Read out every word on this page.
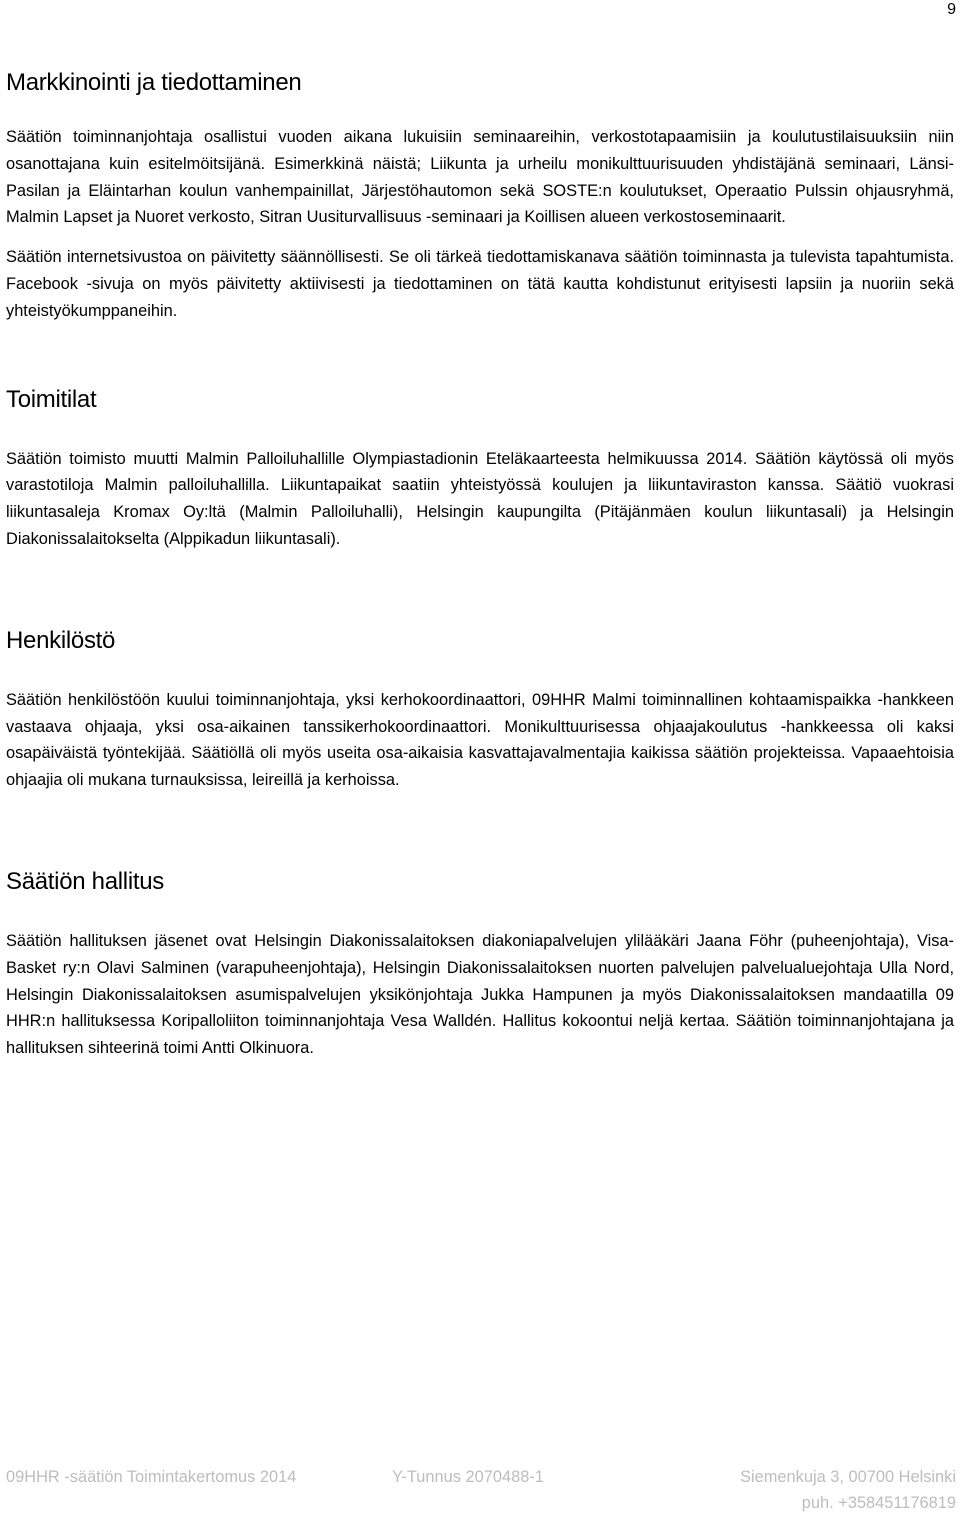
9
Markkinointi ja tiedottaminen

Säätiön toiminnanjohtaja osallistui vuoden aikana lukuisiin seminaareihin, verkostotapaamisiin ja koulutustilaisuuksiin niin osanottajana kuin esitelmöitsijänä. Esimerkkinä näistä; Liikunta ja urheilu monikulttuurisuuden yhdistäjänä seminaari, Länsi-Pasilan ja Eläintarhan koulun vanhempainillat, Järjestöhautomon sekä SOSTE:n koulutukset, Operaatio Pulssin ohjausryhmä, Malmin Lapset ja Nuoret verkosto, Sitran Uusiturvallisuus -seminaari ja Koillisen alueen verkostoseminaarit.

Säätiön internetsivustoa on päivitetty säännöllisesti. Se oli tärkeä tiedottamiskanava säätiön toiminnasta ja tulevista tapahtumista. Facebook -sivuja on myös päivitetty aktiivisesti ja tiedottaminen on tätä kautta kohdistunut erityisesti lapsiin ja nuoriin sekä yhteistyökumppaneihin.

Toimitilat

Säätiön toimisto muutti Malmin Palloiluhallille Olympiastadionin Eteläkaarteesta helmikuussa 2014. Säätiön käytössä oli myös varastotiloja Malmin palloiluhallilla. Liikuntapaikat saatiin yhteistyössä koulujen ja liikuntaviraston kanssa. Säätiö vuokrasi liikuntasaleja Kromax Oy:ltä (Malmin Palloiluhalli), Helsingin kaupungilta (Pitäjänmäen koulun liikuntasali) ja Helsingin Diakonissalaitokselta (Alppikadun liikuntasali).

Henkilöstö

Säätiön henkilöstöön kuului toiminnanjohtaja, yksi kerhokoordinaattori, 09HHR Malmi toiminnallinen kohtaamispaikka -hankkeen vastaava ohjaaja, yksi osa-aikainen tanssikerhokoordinaattori. Monikulttuurisessa ohjaajakoulutus -hankkeessa oli kaksi osapäiväistä työntekijää. Säätiöllä oli myös useita osa-aikaisia kasvattajavalmentajia kaikissa säätiön projekteissa. Vapaaehtoisia ohjaajia oli mukana turnauksissa, leireillä ja kerhoissa.

Säätiön hallitus

Säätiön hallituksen jäsenet ovat Helsingin Diakonissalaitoksen diakoniapalvelujen ylilääkäri Jaana Föhr (puheenjohtaja), Visa-Basket ry:n Olavi Salminen (varapuheenjohtaja), Helsingin Diakonissalaitoksen nuorten palvelujen palvelualuejohtaja Ulla Nord, Helsingin Diakonissalaitoksen asumispalvelujen yksikönjohtaja Jukka Hampunen ja myös Diakonissalaitoksen mandaatilla 09 HHR:n hallituksessa Koripalloliiton toiminnanjohtaja Vesa Walldén. Hallitus kokoontui neljä kertaa. Säätiön toiminnanjohtajana ja hallituksen sihteerinä toimi Antti Olkinuora.

09HHR -säätiön Toimintakertomus 2014	Y-Tunnus 2070488-1	Siemenkuja 3, 00700 Helsinki
puh. +358451176819
